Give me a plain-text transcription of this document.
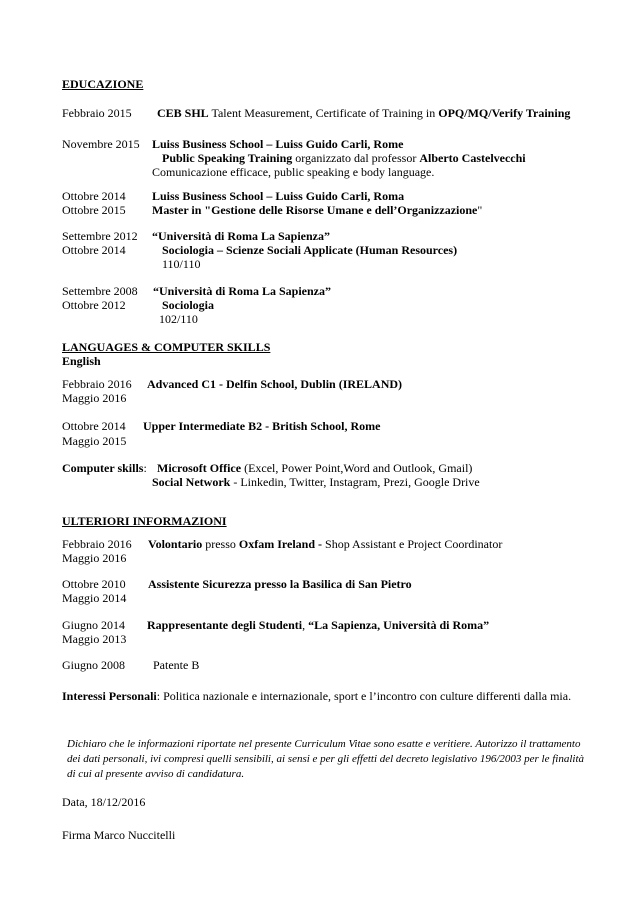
EDUCAZIONE
Febbraio 2015 CEB SHL Talent Measurement, Certificate of Training in OPQ/MQ/Verify Training
Novembre 2015 Luiss Business School – Luiss Guido Carli, Rome
Public Speaking Training organizzato dal professor Alberto Castelvecchi
Comunicazione efficace, public speaking e body language.
Ottobre 2014
Ottobre 2015
Luiss Business School – Luiss Guido Carli, Roma
Master in "Gestione delle Risorse Umane e dell’Organizzazione"
Settembre 2012
Ottobre 2014
“Università di Roma La Sapienza”
Sociologia – Scienze Sociali Applicate (Human Resources)
110/110
Settembre 2008
Ottobre 2012
“Università di Roma La Sapienza”
Sociologia
102/110
LANGUAGES & COMPUTER SKILLS
English
Febbraio 2016
Maggio 2016
Advanced C1 - Delfin School, Dublin (IRELAND)
Ottobre 2014
Maggio 2015
Upper Intermediate B2 - British School, Rome
Computer skills: Microsoft Office (Excel, Power Point,Word and Outlook, Gmail)
Social Network - Linkedin, Twitter, Instagram, Prezi, Google Drive
ULTERIORI INFORMAZIONI
Febbraio 2016
Maggio 2016
Volontario presso Oxfam Ireland - Shop Assistant e Project Coordinator
Ottobre 2010
Maggio 2014
Assistente Sicurezza presso la Basilica di San Pietro
Giugno 2014
Maggio 2013
Rappresentante degli Studenti, “La Sapienza, Università di Roma”
Giugno 2008 Patente B
Interessi Personali: Politica nazionale e internazionale, sport e l’incontro con culture differenti dalla mia.
Dichiaro che le informazioni riportate nel presente Curriculum Vitae sono esatte e veritiere. Autorizzo il trattamento
dei dati personali, ivi compresi quelli sensibili, ai sensi e per gli effetti del decreto legislativo 196/2003 per le finalità
di cui al presente avviso di candidatura.
Data, 18/12/2016
Firma Marco Nuccitelli
